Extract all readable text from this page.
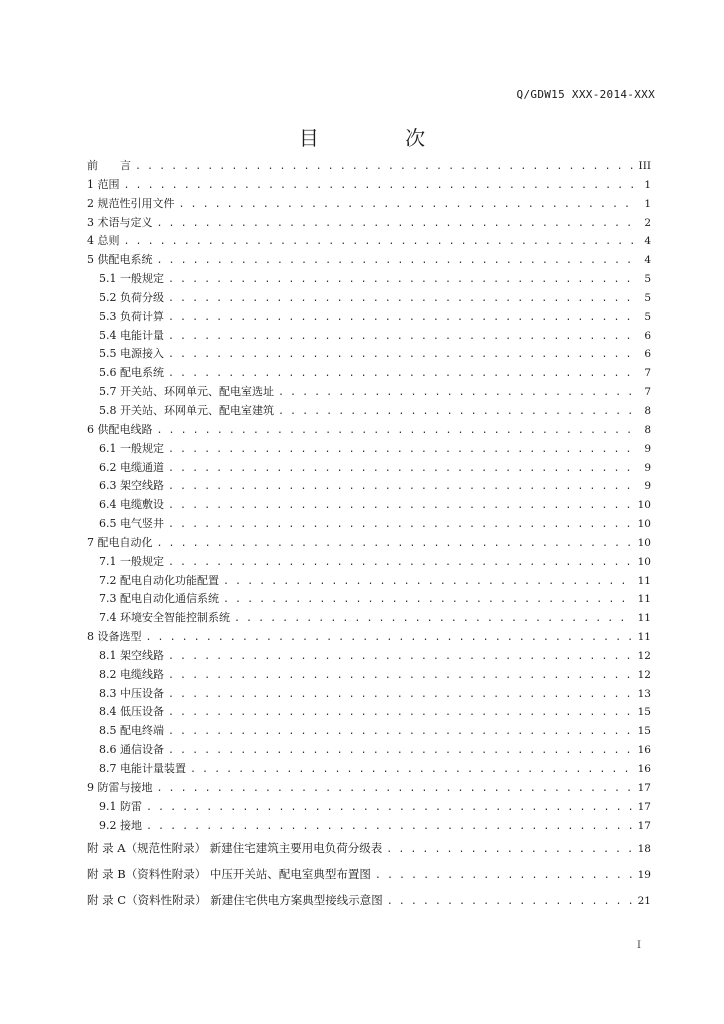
Q/GDW15 XXX-2014-XXX
目 次
前　　言 . . .	III
1 范围 . . .	1
2 规范性引用文件 . . .	1
3 术语与定义 . . .	2
4 总则 . . .	4
5 供配电系统 . . .	4
5.1 一般规定 . . .	5
5.2 负荷分级 . . .	5
5.3 负荷计算 . . .	5
5.4 电能计量 . . .	6
5.5 电源接入 . . .	6
5.6 配电系统 . . .	7
5.7 开关站、环网单元、配电室选址 . . .	7
5.8 开关站、环网单元、配电室建筑 . . .	8
6 供配电线路 . . .	8
6.1 一般规定 . . .	9
6.2 电缆通道 . . .	9
6.3 架空线路 . . .	9
6.4 电缆敷设 . . .	10
6.5 电气竖井 . . .	10
7 配电自动化 . . .	10
7.1 一般规定 . . .	10
7.2 配电自动化功能配置 . . .	11
7.3 配电自动化通信系统 . . .	11
7.4 环境安全智能控制系统 . . .	11
8 设备选型 . . .	11
8.1 架空线路 . . .	12
8.2 电缆线路 . . .	12
8.3 中压设备 . . .	13
8.4 低压设备 . . .	15
8.5 配电终端 . . .	15
8.6 通信设备 . . .	16
8.7 电能计量装置 . . .	16
9 防雷与接地 . . .	17
9.1 防雷 . . .	17
9.2 接地 . . .	17
附 录 A（规范性附录） 新建住宅建筑主要用电负荷分级表 . . .	18
附 录 B（资料性附录） 中压开关站、配电室典型布置图 . . .	19
附 录 C（资料性附录） 新建住宅供电方案典型接线示意图 . . .	21
I
